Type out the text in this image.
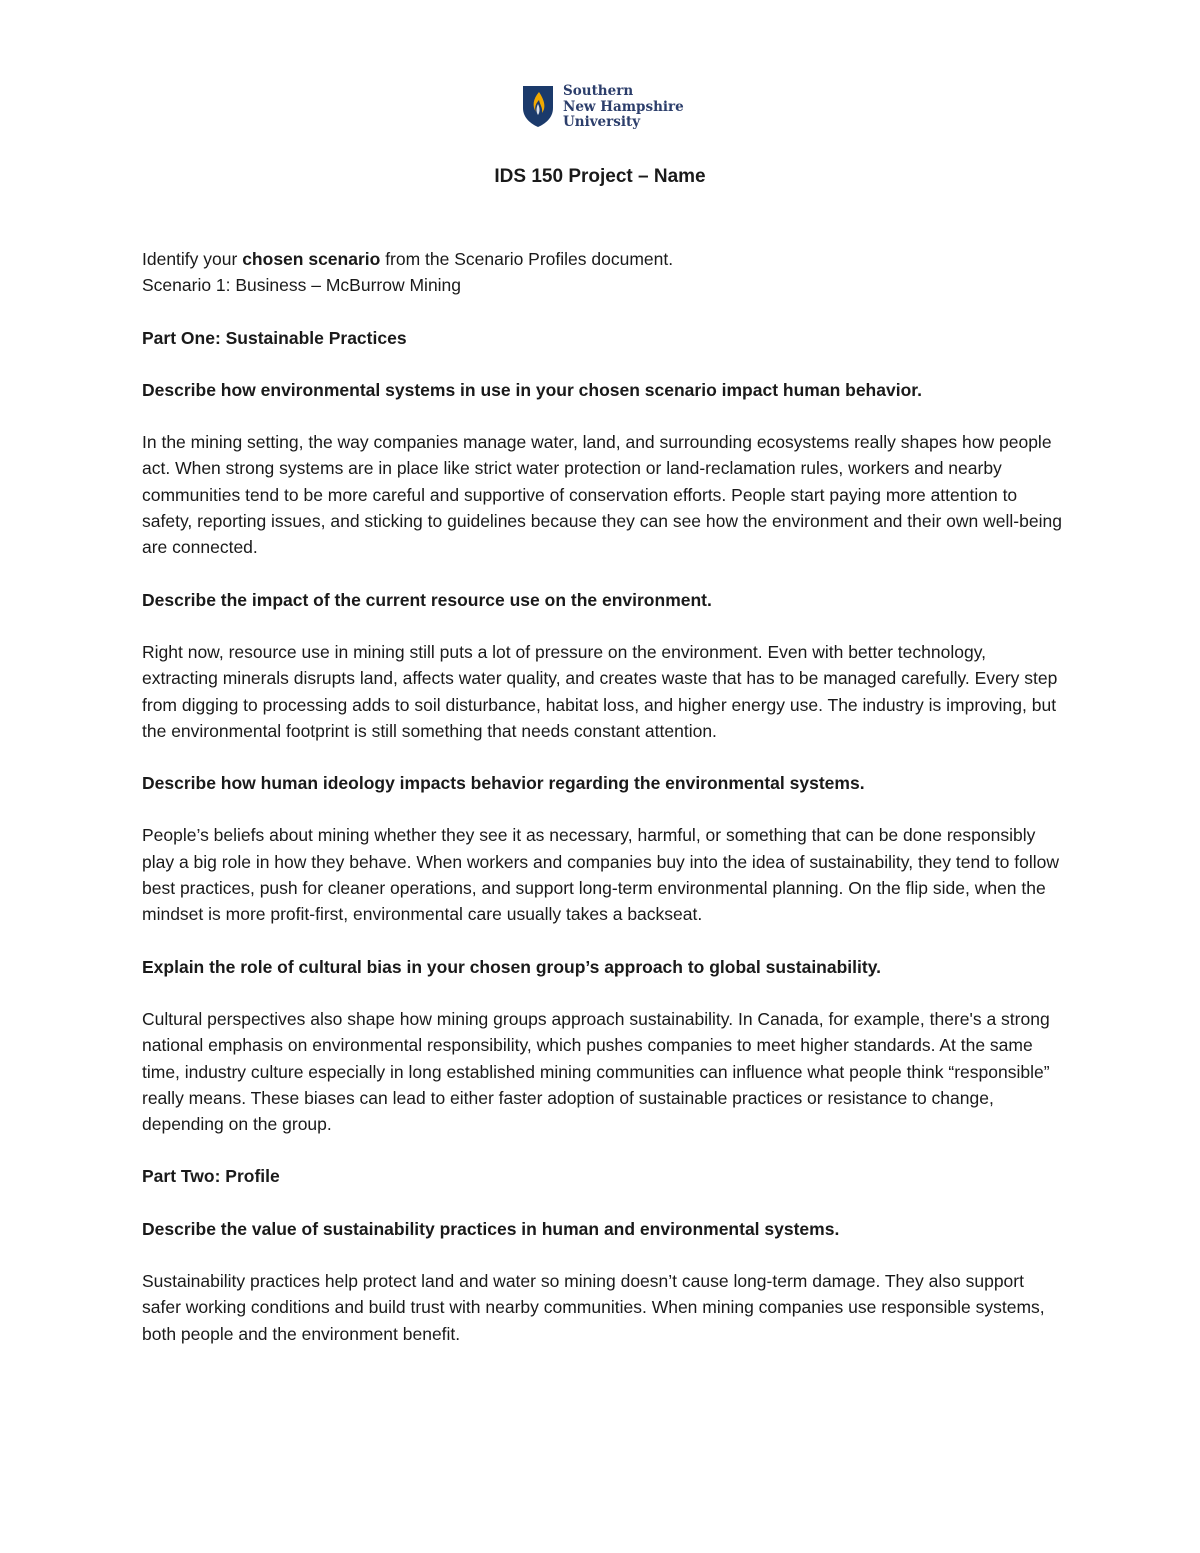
Southern
New Hampshire
University
IDS 150 Project – Name

Identify your chosen scenario from the Scenario Profiles document.

Scenario 1: Business – McBurrow Mining

Part One: Sustainable Practices

Describe how environmental systems in use in your chosen scenario impact human behavior.

In the mining setting, the way companies manage water, land, and surrounding ecosystems really shapes how people act. When strong systems are in place like strict water protection or land-reclamation rules, workers and nearby communities tend to be more careful and supportive of conservation efforts. People start paying more attention to safety, reporting issues, and sticking to guidelines because they can see how the environment and their own well-being are connected.

Describe the impact of the current resource use on the environment.

Right now, resource use in mining still puts a lot of pressure on the environment. Even with better technology, extracting minerals disrupts land, affects water quality, and creates waste that has to be managed carefully. Every step from digging to processing adds to soil disturbance, habitat loss, and higher energy use. The industry is improving, but the environmental footprint is still something that needs constant attention.

Describe how human ideology impacts behavior regarding the environmental systems.

People’s beliefs about mining whether they see it as necessary, harmful, or something that can be done responsibly play a big role in how they behave. When workers and companies buy into the idea of sustainability, they tend to follow best practices, push for cleaner operations, and support long-term environmental planning. On the flip side, when the mindset is more profit-first, environmental care usually takes a backseat.

Explain the role of cultural bias in your chosen group’s approach to global sustainability.

Cultural perspectives also shape how mining groups approach sustainability. In Canada, for example, there's a strong national emphasis on environmental responsibility, which pushes companies to meet higher standards. At the same time, industry culture especially in long established mining communities can influence what people think “responsible” really means. These biases can lead to either faster adoption of sustainable practices or resistance to change, depending on the group.

Part Two: Profile

Describe the value of sustainability practices in human and environmental systems.

Sustainability practices help protect land and water so mining doesn’t cause long-term damage. They also support safer working conditions and build trust with nearby communities. When mining companies use responsible systems, both people and the environment benefit.
